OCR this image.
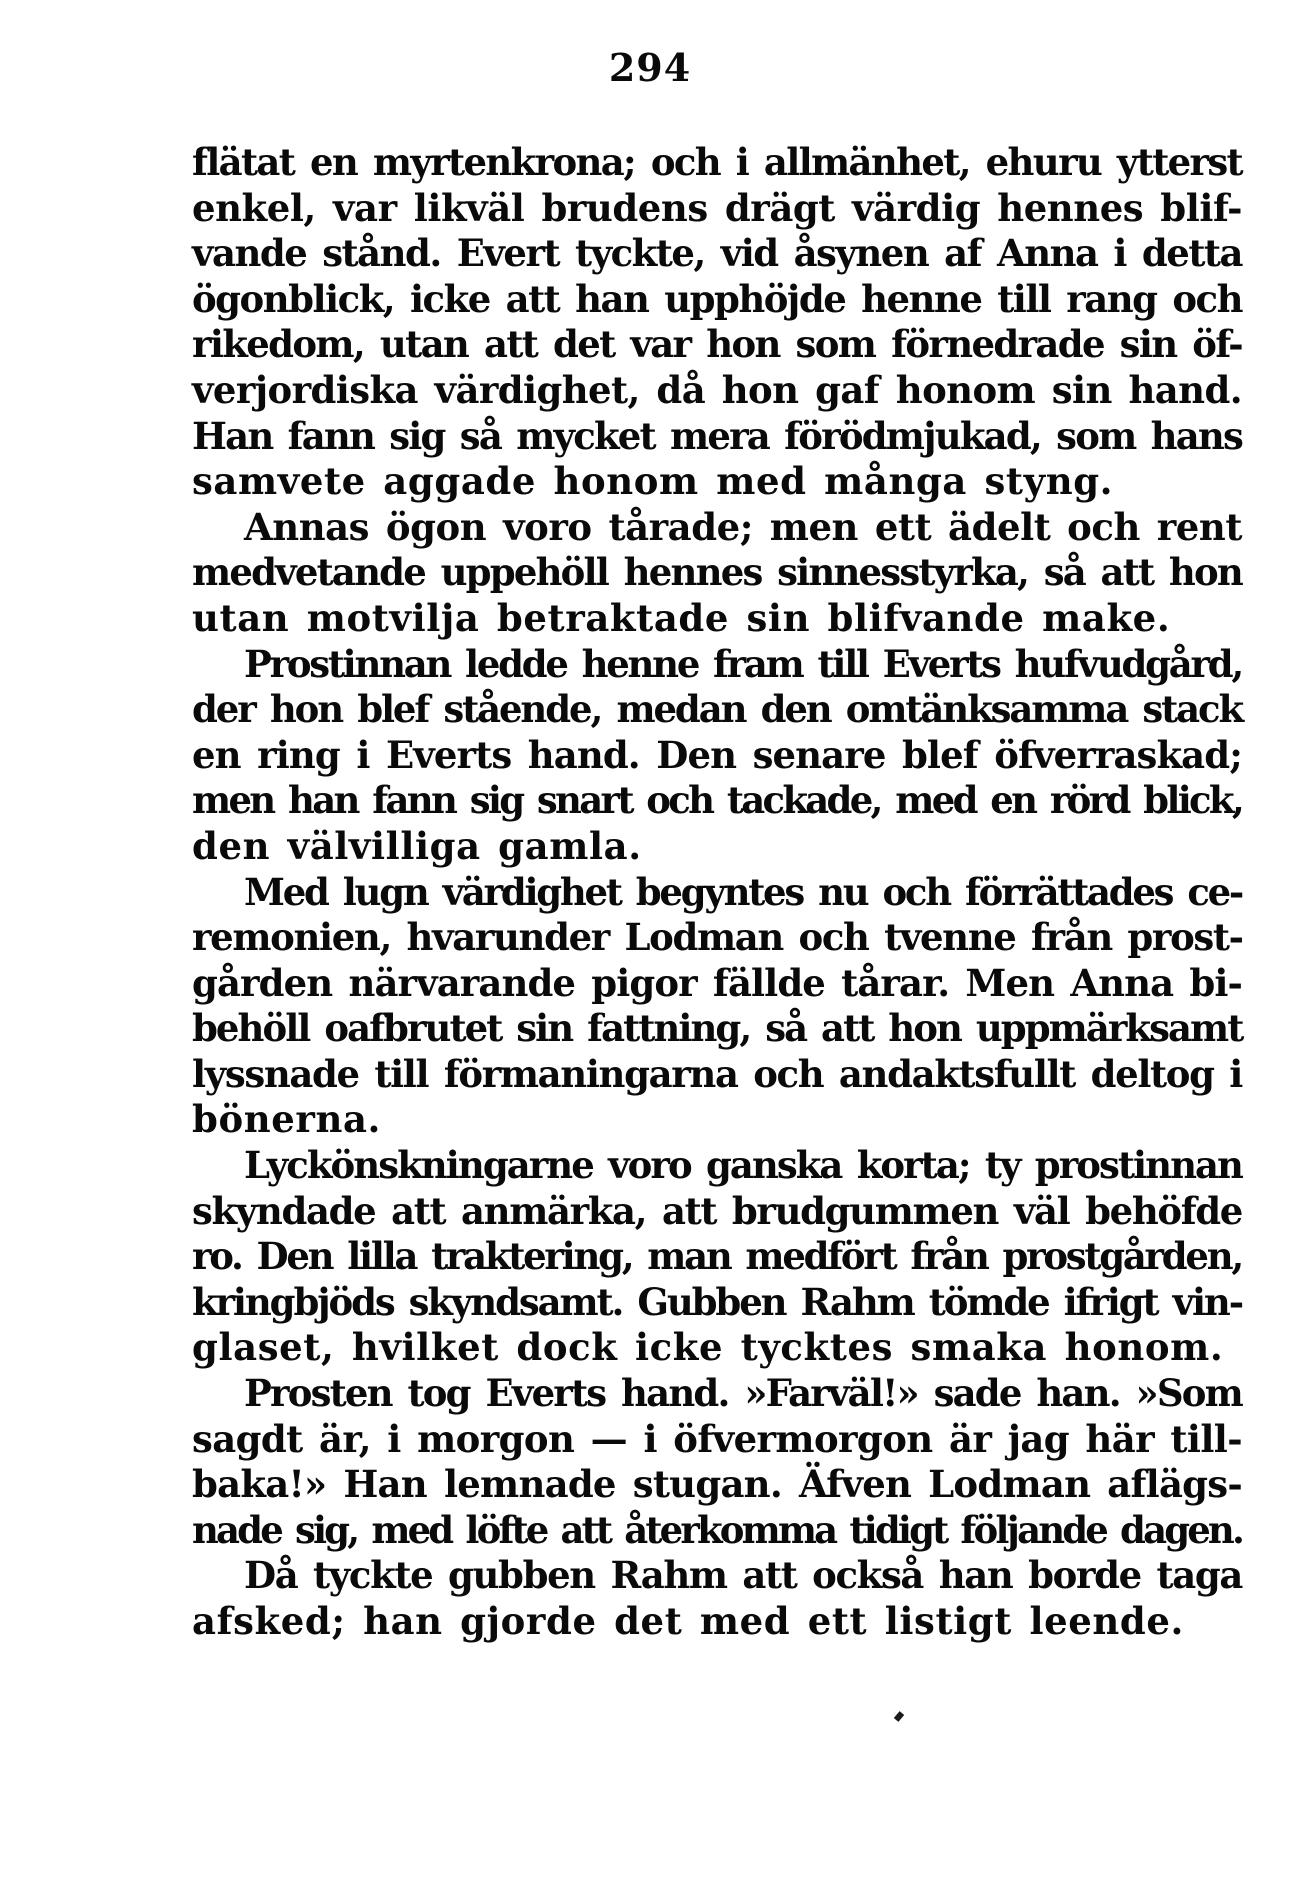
294
flätat en myrtenkrona; och i allmänhet, ehuru ytterst
enkel, var likväl brudens drägt värdig hennes blif-
vande stånd. Evert tyckte, vid åsynen af Anna i detta
ögonblick, icke att han upphöjde henne till rang och
rikedom, utan att det var hon som förnedrade sin öf-
verjordiska värdighet, då hon gaf honom sin hand.
Han fann sig så mycket mera förödmjukad, som hans
samvete aggade honom med många styng.
Annas ögon voro tårade; men ett ädelt och rent
medvetande uppehöll hennes sinnesstyrka, så att hon
utan motvilja betraktade sin blifvande make.
Prostinnan ledde henne fram till Everts hufvudgård,
der hon blef stående, medan den omtänksamma stack
en ring i Everts hand. Den senare blef öfverraskad;
men han fann sig snart och tackade, med en rörd blick,
den välvilliga gamla.
Med lugn värdighet begyntes nu och förrättades ce-
remonien, hvarunder Lodman och tvenne från prost-
gården närvarande pigor fällde tårar. Men Anna bi-
behöll oafbrutet sin fattning, så att hon uppmärksamt
lyssnade till förmaningarna och andaktsfullt deltog i
bönerna.
Lyckönskningarne voro ganska korta; ty prostinnan
skyndade att anmärka, att brudgummen väl behöfde
ro. Den lilla traktering, man medfört från prostgården,
kringbjöds skyndsamt. Gubben Rahm tömde ifrigt vin-
glaset, hvilket dock icke tycktes smaka honom.
Prosten tog Everts hand. »Farväl!» sade han. »Som
sagdt är, i morgon — i öfvermorgon är jag här till-
baka!» Han lemnade stugan. Äfven Lodman aflägs-
nade sig, med löfte att återkomma tidigt följande dagen.
Då tyckte gubben Rahm att också han borde taga
afsked; han gjorde det med ett listigt leende.
